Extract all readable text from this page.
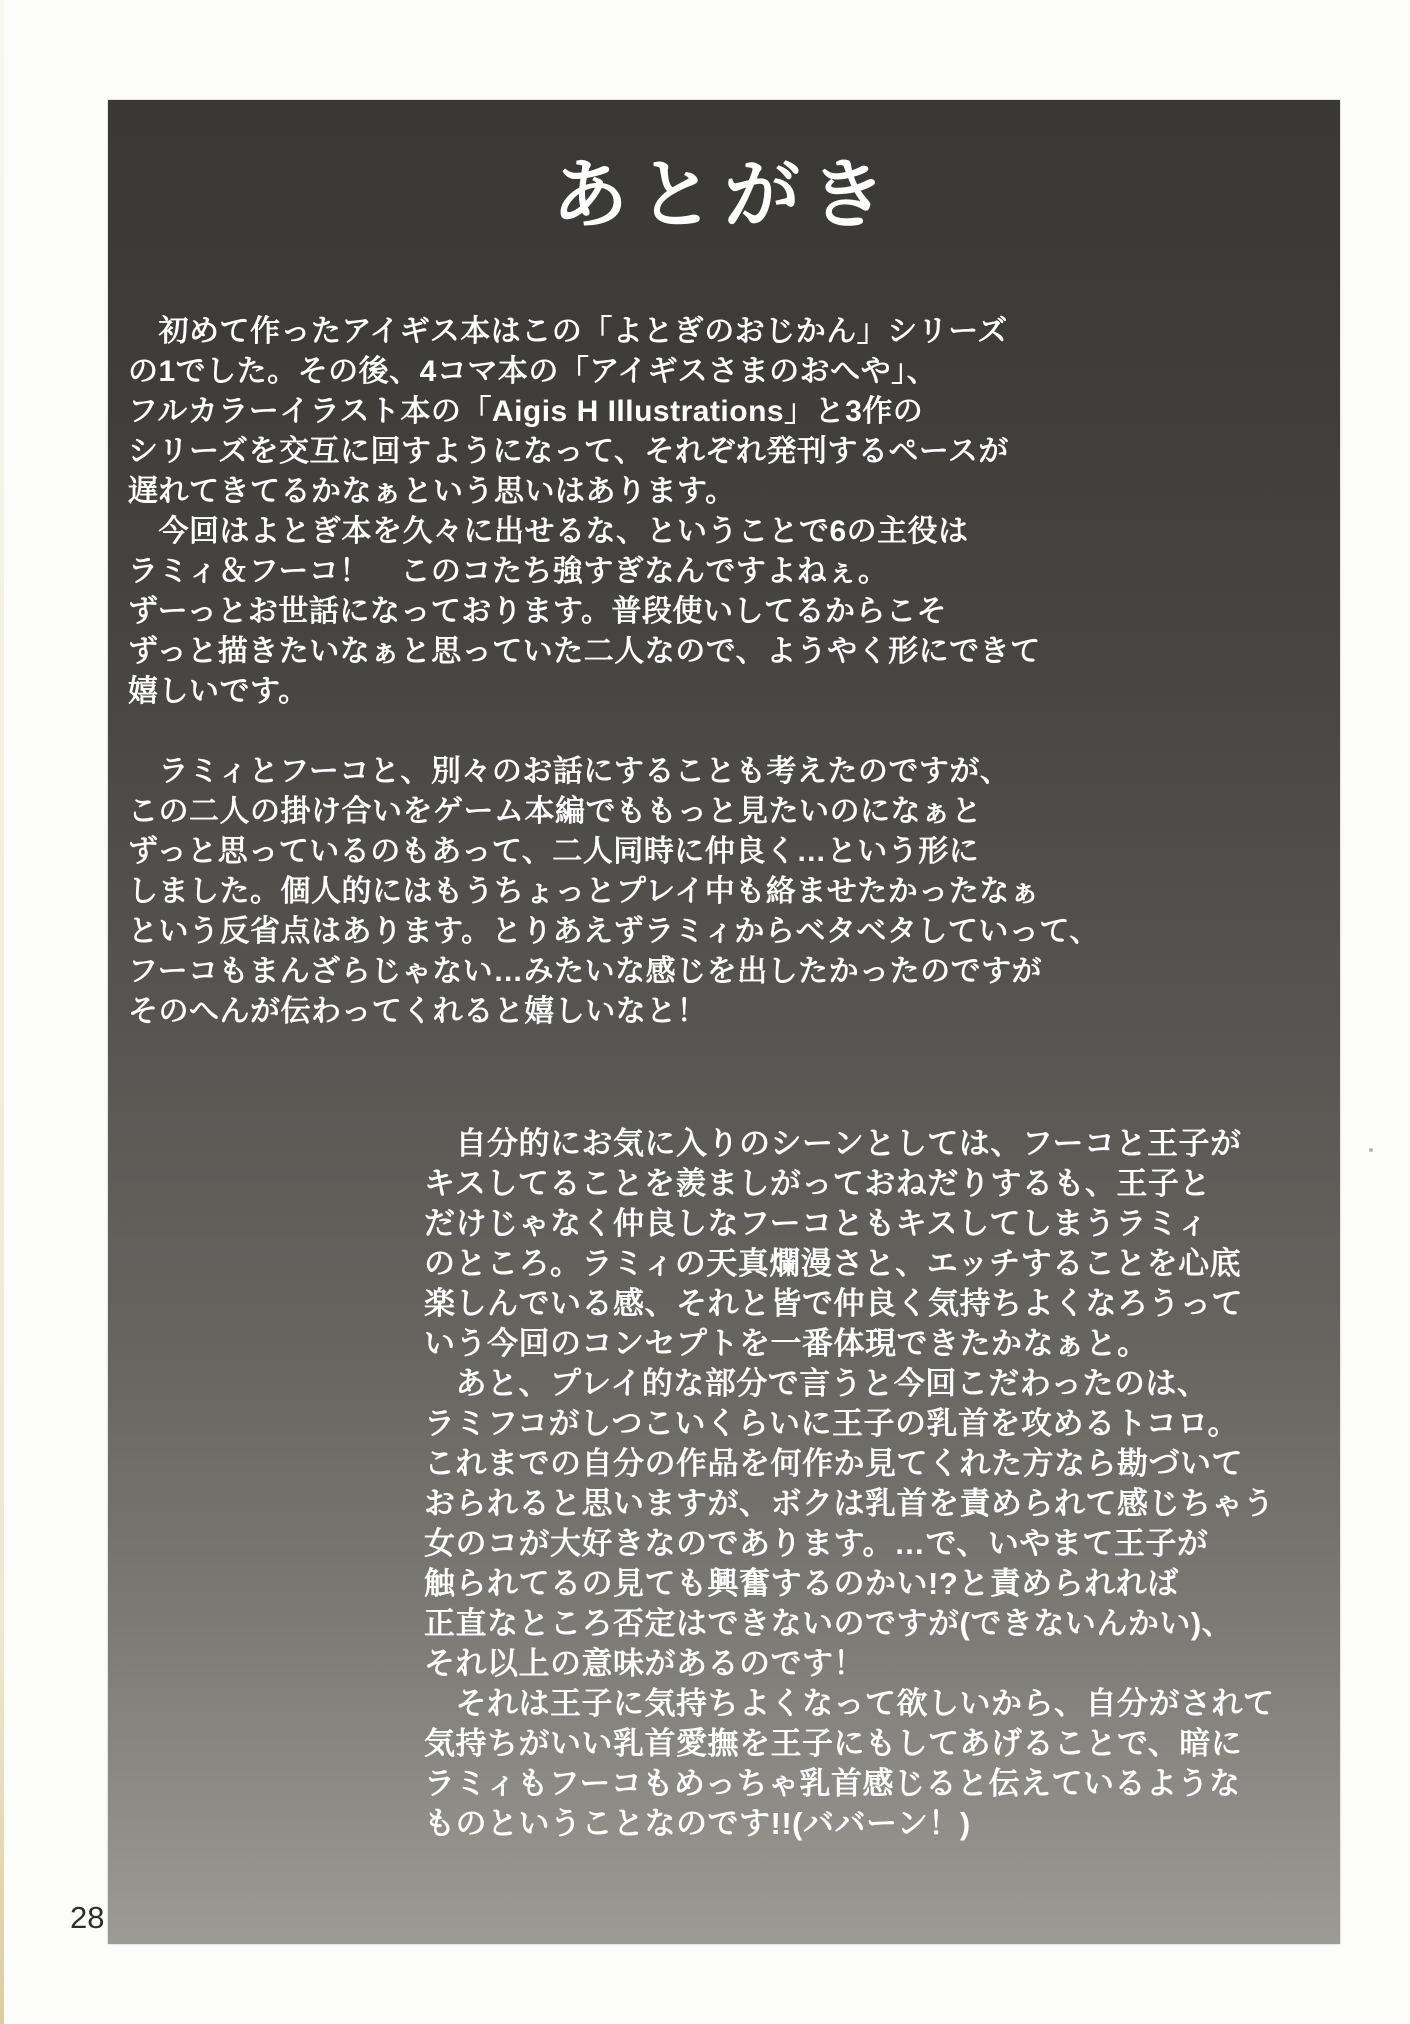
あとがき
　初めて作ったアイギス本はこの「よとぎのおじかん」シリーズ
の1でした。その後、4コマ本の「アイギスさまのおへや」、
フルカラーイラスト本の「Aigis H Illustrations」と3作の
シリーズを交互に回すようになって、それぞれ発刊するペースが
遅れてきてるかなぁという思いはあります。
　今回はよとぎ本を久々に出せるな、ということで6の主役は
ラミィ＆フーコ！　このコたち強すぎなんですよねぇ。
ずーっとお世話になっております。普段使いしてるからこそ
ずっと描きたいなぁと思っていた二人なので、ようやく形にできて
嬉しいです。
　ラミィとフーコと、別々のお話にすることも考えたのですが、
この二人の掛け合いをゲーム本編でももっと見たいのになぁと
ずっと思っているのもあって、二人同時に仲良く…という形に
しました。個人的にはもうちょっとプレイ中も絡ませたかったなぁ
という反省点はあります。とりあえずラミィからベタベタしていって、
フーコもまんざらじゃない…みたいな感じを出したかったのですが
そのへんが伝わってくれると嬉しいなと！
　自分的にお気に入りのシーンとしては、フーコと王子が
キスしてることを羨ましがっておねだりするも、王子と
だけじゃなく仲良しなフーコともキスしてしまうラミィ
のところ。ラミィの天真爛漫さと、エッチすることを心底
楽しんでいる感、それと皆で仲良く気持ちよくなろうって
いう今回のコンセプトを一番体現できたかなぁと。
　あと、プレイ的な部分で言うと今回こだわったのは、
ラミフコがしつこいくらいに王子の乳首を攻めるトコロ。
これまでの自分の作品を何作か見てくれた方なら勘づいて
おられると思いますが、ボクは乳首を責められて感じちゃう
女のコが大好きなのであります。…で、いやまて王子が
触られてるの見ても興奮するのかい!?と責められれば
正直なところ否定はできないのですが(できないんかい)、
それ以上の意味があるのです！
　それは王子に気持ちよくなって欲しいから、自分がされて
気持ちがいい乳首愛撫を王子にもしてあげることで、暗に
ラミィもフーコもめっちゃ乳首感じると伝えているような
ものということなのです!!(ババーン！)
28
